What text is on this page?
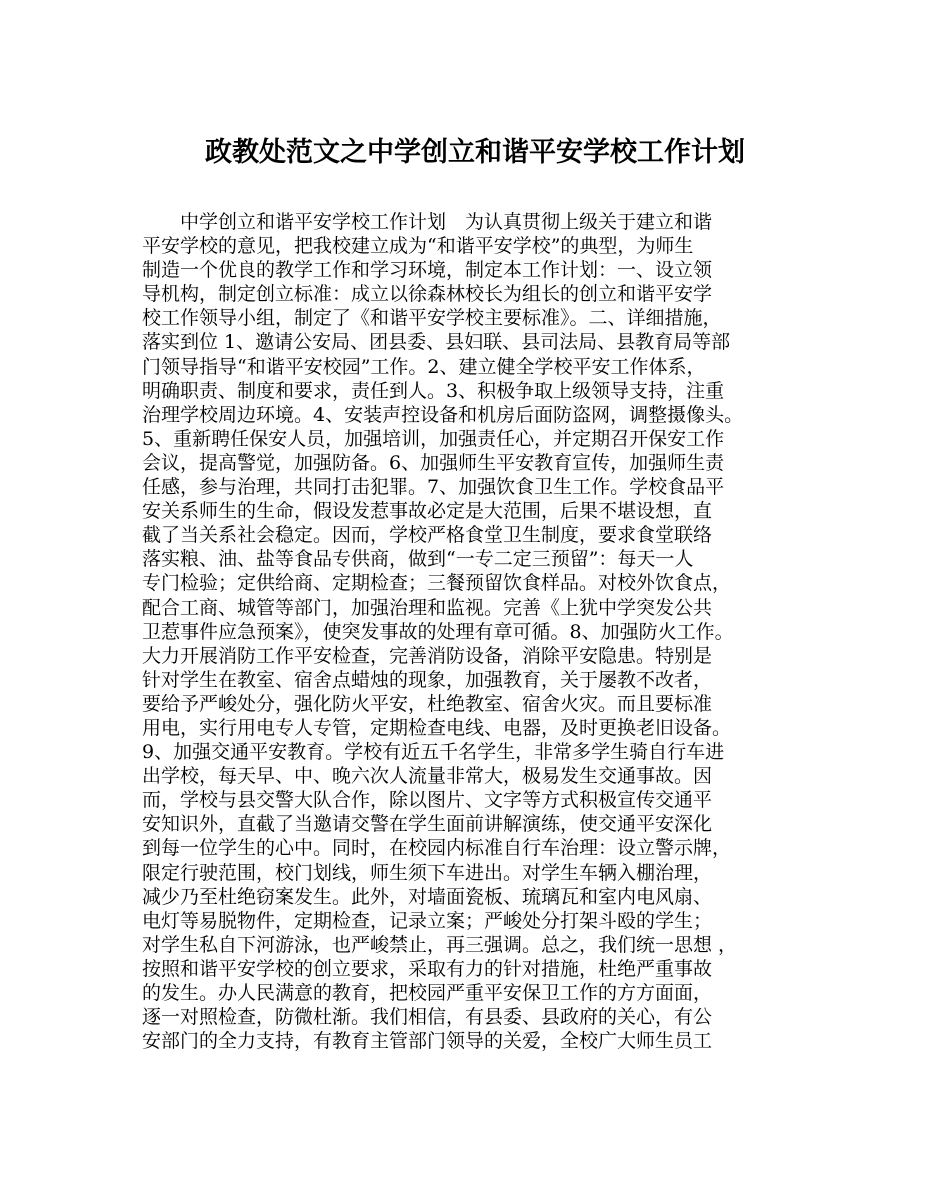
政教处范文之中学创立和谐平安学校工作计划
　　中学创立和谐平安学校工作计划　为认真贯彻上级关于建立和谐
平安学校的意见，把我校建立成为“和谐平安学校”的典型，为师生
制造一个优良的教学工作和学习环境，制定本工作计划：一、设立领
导机构，制定创立标准：成立以徐森林校长为组长的创立和谐平安学
校工作领导小组，制定了《和谐平安学校主要标准》。二、详细措施，
落实到位 1、邀请公安局、团县委、县妇联、县司法局、县教育局等部
门领导指导“和谐平安校园”工作。2、建立健全学校平安工作体系，
明确职责、制度和要求，责任到人。3、积极争取上级领导支持，注重
治理学校周边环境。4、安装声控设备和机房后面防盗网，调整摄像头。
5、重新聘任保安人员，加强培训，加强责任心，并定期召开保安工作
会议，提高警觉，加强防备。6、加强师生平安教育宣传，加强师生责
任感，参与治理，共同打击犯罪。7、加强饮食卫生工作。学校食品平
安关系师生的生命，假设发惹事故必定是大范围，后果不堪设想，直
截了当关系社会稳定。因而，学校严格食堂卫生制度，要求食堂联络
落实粮、油、盐等食品专供商，做到“一专二定三预留”：每天一人
专门检验；定供给商、定期检查；三餐预留饮食样品。对校外饮食点，
配合工商、城管等部门，加强治理和监视。完善《上犹中学突发公共
卫惹事件应急预案》，使突发事故的处理有章可循。8、加强防火工作。
大力开展消防工作平安检查，完善消防设备，消除平安隐患。特别是
针对学生在教室、宿舍点蜡烛的现象，加强教育，关于屡教不改者，
要给予严峻处分，强化防火平安，杜绝教室、宿舍火灾。而且要标准
用电，实行用电专人专管，定期检查电线、电器，及时更换老旧设备。
9、加强交通平安教育。学校有近五千名学生，非常多学生骑自行车进
出学校，每天早、中、晚六次人流量非常大，极易发生交通事故。因
而，学校与县交警大队合作，除以图片、文字等方式积极宣传交通平
安知识外，直截了当邀请交警在学生面前讲解演练，使交通平安深化
到每一位学生的心中。同时，在校园内标准自行车治理：设立警示牌，
限定行驶范围，校门划线，师生须下车进出。对学生车辆入棚治理，
减少乃至杜绝窃案发生。此外，对墙面瓷板、琉璃瓦和室内电风扇、
电灯等易脱物件，定期检查，记录立案；严峻处分打架斗殴的学生；
对学生私自下河游泳，也严峻禁止，再三强调。总之，我们统一思想 ，
按照和谐平安学校的创立要求，采取有力的针对措施，杜绝严重事故
的发生。办人民满意的教育，把校园严重平安保卫工作的方方面面，
逐一对照检查，防微杜渐。我们相信，有县委、县政府的关心，有公
安部门的全力支持，有教育主管部门领导的关爱，全校广大师生员工
